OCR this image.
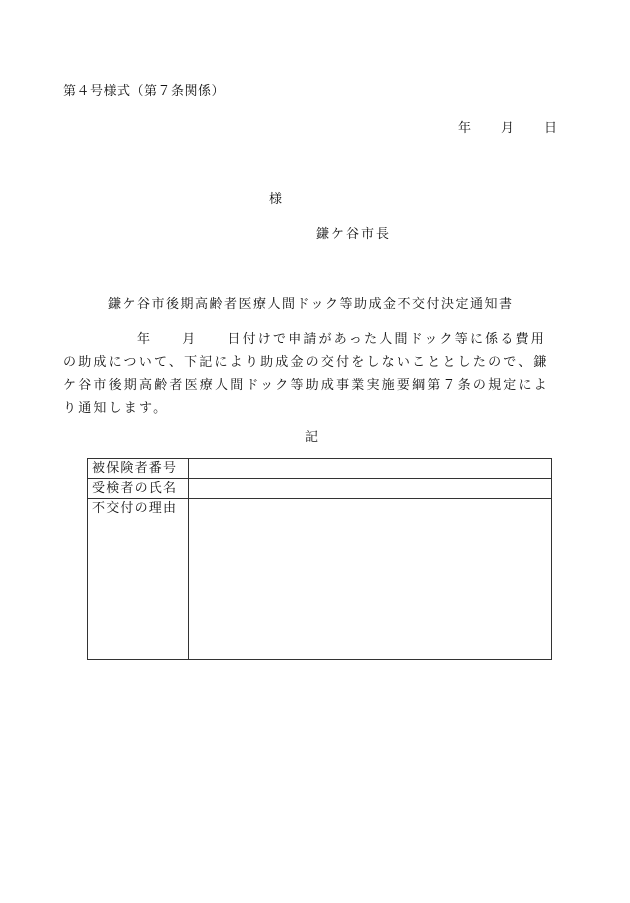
第４号様式（第７条関係）
年 月 日
様
鎌ケ谷市長
鎌ケ谷市後期高齢者医療人間ドック等助成金不交付決定通知書
年 月 日付けで申請があった人間ドック等に係る費用の助成について、下記により助成金の交付をしないこととしたので、鎌ケ谷市後期高齢者医療人間ドック等助成事業実施要綱第７条の規定により通知します。
記
被保険者番号	
受検者の氏名	
不交付の理由	
